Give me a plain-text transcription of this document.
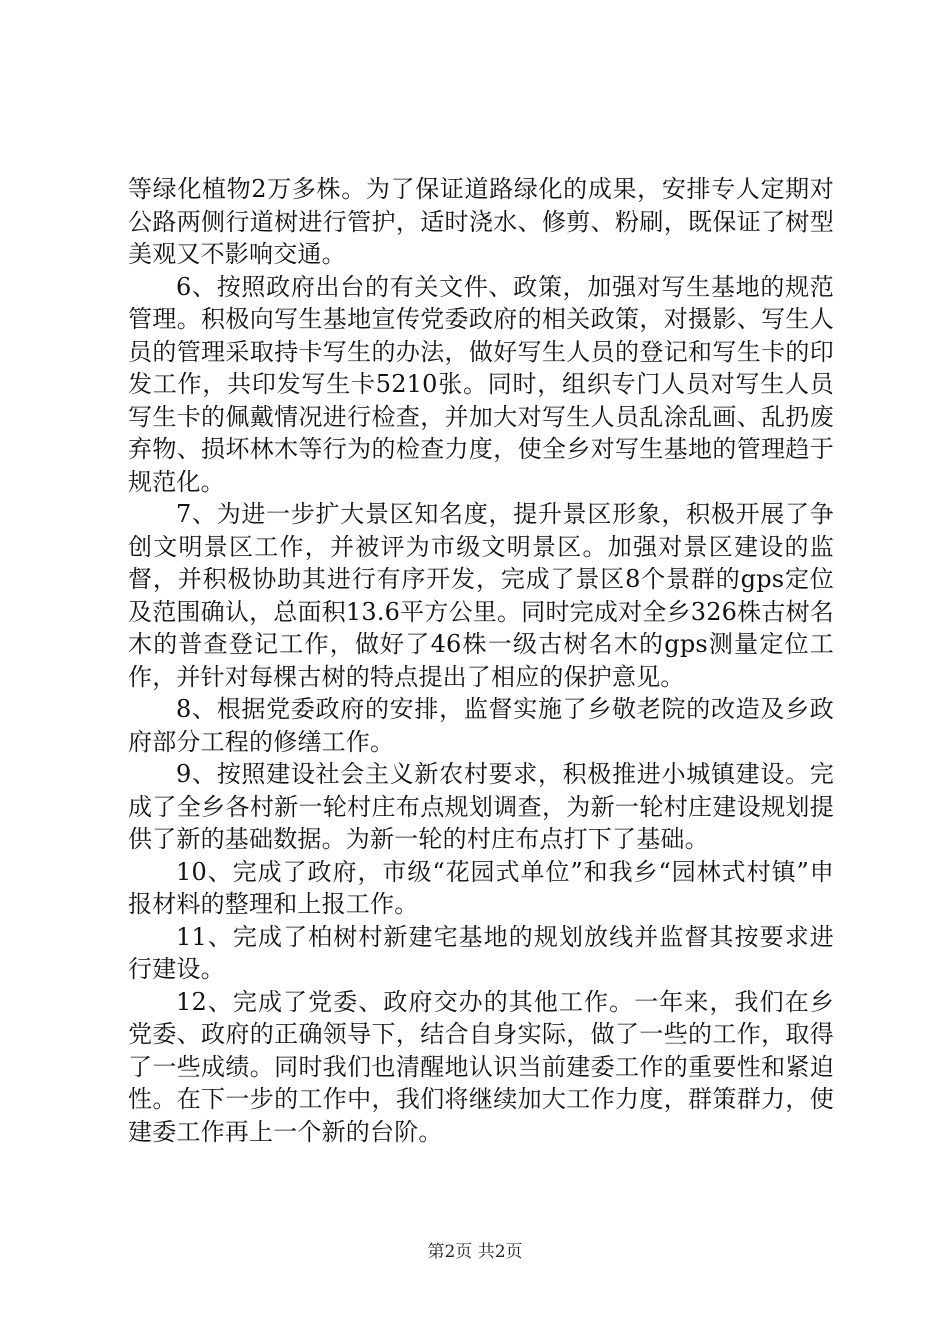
等绿化植物2万多株。为了保证道路绿化的成果，安排专人定期对公路两侧行道树进行管护，适时浇水、修剪、粉刷，既保证了树型美观又不影响交通。

6、按照政府出台的有关文件、政策，加强对写生基地的规范管理。积极向写生基地宣传党委政府的相关政策，对摄影、写生人员的管理采取持卡写生的办法，做好写生人员的登记和写生卡的印发工作，共印发写生卡5210张。同时，组织专门人员对写生人员写生卡的佩戴情况进行检查，并加大对写生人员乱涂乱画、乱扔废弃物、损坏林木等行为的检查力度，使全乡对写生基地的管理趋于规范化。

7、为进一步扩大景区知名度，提升景区形象，积极开展了争创文明景区工作，并被评为市级文明景区。加强对景区建设的监督，并积极协助其进行有序开发，完成了景区8个景群的gps定位及范围确认，总面积13.6平方公里。同时完成对全乡326株古树名木的普查登记工作，做好了46株一级古树名木的gps测量定位工作，并针对每棵古树的特点提出了相应的保护意见。

8、根据党委政府的安排，监督实施了乡敬老院的改造及乡政府部分工程的修缮工作。

9、按照建设社会主义新农村要求，积极推进小城镇建设。完成了全乡各村新一轮村庄布点规划调查，为新一轮村庄建设规划提供了新的基础数据。为新一轮的村庄布点打下了基础。

10、完成了政府，市级“花园式单位”和我乡“园林式村镇”申报材料的整理和上报工作。

11、完成了柏树村新建宅基地的规划放线并监督其按要求进行建设。

12、完成了党委、政府交办的其他工作。一年来，我们在乡党委、政府的正确领导下，结合自身实际，做了一些的工作，取得了一些成绩。同时我们也清醒地认识当前建委工作的重要性和紧迫性。在下一步的工作中，我们将继续加大工作力度，群策群力，使建委工作再上一个新的台阶。

第2页 共2页
